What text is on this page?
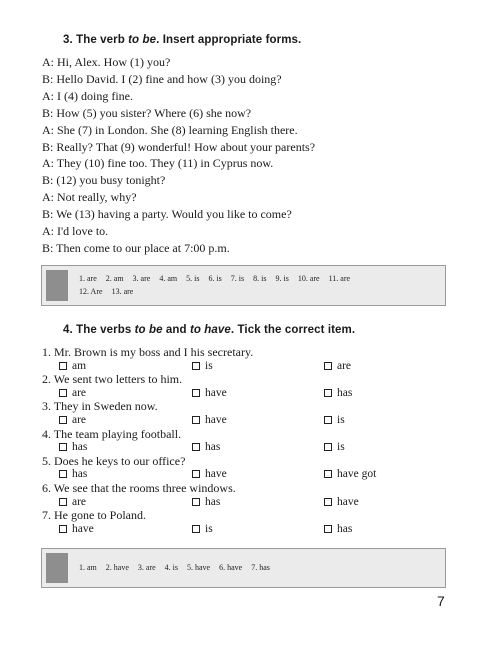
3. The verb to be. Insert appropriate forms.
A: Hi, Alex. How (1) you?
B: Hello David. I (2) fine and how (3) you doing?
A: I (4) doing fine.
B: How (5) you sister? Where (6) she now?
A: She (7) in London. She (8) learning English there.
B: Really? That (9) wonderful! How about your parents?
A: They (10) fine too. They (11) in Cyprus now.
B: (12) you busy tonight?
A: Not really, why?
B: We (13) having a party. Would you like to come?
A: I'd love to.
B: Then come to our place at 7:00 p.m.
1. are 2. am 3. are 4. am 5. is 6. is 7. is 8. is 9. is 10. are 11. are
12. Are 13. are
4. The verbs to be and to have. Tick the correct item.
1. Mr. Brown is my boss and I his secretary.
am	is	are
2. We sent two letters to him.
are	have	has
3. They in Sweden now.
are	have	is
4. The team playing football.
has	has	is
5. Does he keys to our office?
has	have	have got
6. We see that the rooms three windows.
are	has	have
7. He gone to Poland.
have	is	has
1. am 2. have 3. are 4. is 5. have 6. have 7. has
7
